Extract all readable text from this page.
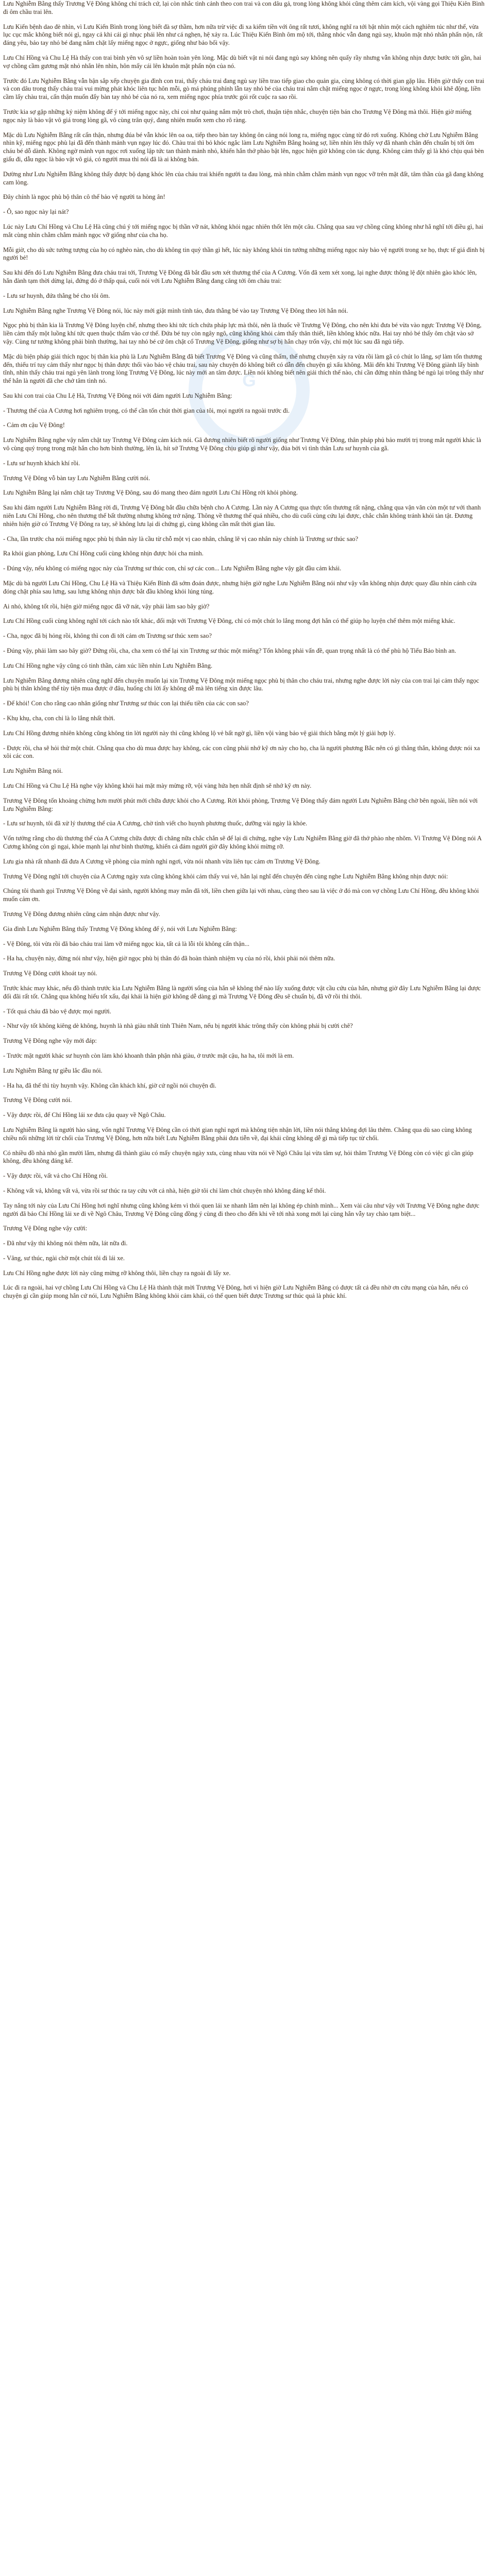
G

Lưu Nghiễm Bằng thấy Trương Vệ Đông không chỉ trách cứ, lại còn nhắc tình cảnh theo con trai và con dâu gả, trong lòng không khỏi cũng thêm cảm kích, vội vàng gọi Thiệu Kiên Bình đi ôm chầu trai lên.

Lưu Kiến bệnh dao đè nhìn, vì Lưu Kiến Bình trong lòng biết đà sợ thầm, hơn nữa trừ việc đi xa kiếm tiền với ông rất tươi, không nghĩ ra tới bật nhìn một cách nghiêm túc như thế, vừa lục cục mắc không biết nói gì, ngay cả khi cái gì nhục phái lên như cá nghẹn, hệ xảy ra. Lúc Thiệu Kiến Bình ôm mộ tới, thằng nhóc vẫn đang ngủ say, khuôn mặt nhỏ nhắn phấn nộn, rất đáng yêu, bảo tay nhỏ bé đang nắm chặt lấy miếng ngọc ở ngực, giống như bảo bối vậy.

Lưu Chí Hồng và Chu Lệ Hà thấy con trai bình yên vô sự liền hoàn toàn yên lòng. Mặc dù biết vật ni nói đang ngủ say không nên quấy rầy nhưng vẫn không nhịn được bước tới gần, hai vợ chồng cầm gương mặt nhỏ nhắn lên nhìn, hôn mấy cái lên khuôn mặt phấn nộn của nó.

Trước đó Lưu Nghiễm Bằng vẫn bận sắp xếp chuyện gia đình con trai, thấy cháu trai đang ngủ say liền trao tiếp giao cho quản gia, cùng không có thời gian gặp lâu. Hiện giờ thấy con trai và con dâu trong thấy cháu trai vui mừng phát khóc liên tục hôn mỗi, gò má phúng phính lẫn tay nhỏ bé của cháu trai nắm chặt miếng ngọc ở ngực, trong lòng không khỏi khẽ động, liền cầm lấy chàu trai, cẩn thận muốn đẩy bàn tay nhỏ bé của nó ra, xem miếng ngọc phía trước gói rốt cuộc ra sao rồi.

Trước kia sợ gặp những kỷ niệm không để ý tới miếng ngọc này, chỉ coi như quảng nắm một trò chơi, thuận tiện nhắc, chuyện tiện bán cho Trương Vệ Đông mà thôi. Hiện giờ miếng ngọc này là bảo vật vô giá trong lòng gã, vô cùng trân quý, đang nhiên muốn xem cho rõ ràng.

Mặc dù Lưu Nghiễm Bằng rất cẩn thận, nhưng đúa bé vẫn khóc lên oa oa, tiếp theo bàn tay không ôn cảng nói long ra, miếng ngọc cùng từ đó rơi xuống. Không chờ Lưu Nghiễm Bằng nhìn kỹ, miếng ngọc phù lại đã đến thành mảnh vụn ngay lúc đó. Chàu trai thì bỏ khóc ngắc làm Lưu Nghiễm Bằng hoảng sợ, liền nhìn lên thấy vợ đã nhanh chân đến chuẩn bị tới ôm cháu bé dỗ dành. Không ngờ mảnh vụn ngọc rơi xuống lập tức tan thành mảnh nhỏ, khiến hắn thở phào bật lên, ngọc hiện giờ không còn tác dụng. Không cảm thấy gì là khó chịu quá bèn giấu đi, dẫu ngọc là bảo vật vô giá, có người mua thì nói đã là ai không bán.

Dường như Lưu Nghiễm Bằng không thấy được bộ dạng khóc lên của cháu trai khiến người ta đau lòng, mà nhìn chằm chằm mảnh vụn ngọc vỡ trên mặt đất, tâm thần của gã đang không cam lòng.

Đây chính là ngọc phù bộ thân cô thể bảo vệ người ta hòng ân!

- Ô, sao ngọc này lại nát?

Lúc này Lưu Chí Hồng và Chu Lệ Hà cũng chú ý tới miếng ngọc bị thần vỡ nát, không khỏi ngạc nhiên thốt lên một câu. Chẳng qua sau vợ chồng cũng không như hẳ nghĩ tới điều gì, hai mắt cùng nhìn chằm chằm mảnh ngọc vỡ giống như của cha họ.

Mỗi giờ, cho dù sức tưởng tượng của họ có nghèo nàn, cho dù không tin quỷ thần gì hết, lúc này không khỏi tin tưởng những miếng ngọc này bảo vệ người trong xe họ, thực tế giá đình bị người bẻ!

Sau khi đến đó Lưu Nghiễm Bằng đưa cháu trai tới, Trương Vệ Đông đã bắt đầu sơn xét thương thế của A Cương. Vốn đã xem xét xong, lại nghe được thông lệ đột nhiên gào khóc lên, hắn đành tạm thời dừng lại, đứng đó ở thấp quá, cuối nói với Lưu Nghiễm Bằng đang căng tới ôm cháu trai:

- Lưu sư huynh, đứa thằng bé cho tôi ôm.

Lưu Nghiễm Bằng nghe Trương Vệ Đông nói, lúc này mới giật mình tỉnh táo, đưa thằng bé vào tay Trương Vệ Đông theo lời hắn nói.

Ngọc phù bị thân kia là Trương Vệ Đông luyện chế, nhưng theo khi tức tích chứa pháp lực mà thôi, nên là thuốc về Trương Vệ Đông, cho nên khi đưa bé vừa vào ngực Trương Vệ Đông, liền cảm thấy một luồng khí tức quen thuộc thấm vào cơ thể. Đứa bé tuy còn ngây ngô, cũng không khỏi cảm thấy thân thiết, liền không khóc nữa. Hai tay nhỏ bé thấy ôm chặt vào sở vậy. Cùng tư tưởng không phải bình thường, hai tay nhỏ bé cứ ôm chặt cổ Trương Vệ Đông, giống như sợ bị hắn chạy trốn vậy, chỉ một lúc sau đã ngủ tiếp.

Mặc dù biện pháp giải thích ngọc bị thân kia phù là Lưu Nghiễm Bằng đã biết Trương Vệ Đông và cũng thấm, thế nhưng chuyện xảy ra vừa rồi làm gã có chút lo lắng, sợ làm tổn thương đến, thiếu trí tuy cảm thấy như ngọc bị thân được thổi vào bảo vệ cháu trai, sau này chuyện đó không biết có dẫn đến chuyện gì xấu không. Mãi đến khi Trương Vệ Đông giành lấy bình tĩnh, nhìn thấy cháu trai ngủ yên lành trong lòng Trương Vệ Đông, lúc này mới an tâm được. Liền nói không biết nên giải thích thế nào, chỉ cần đứng nhìn thằng bé ngủ lại trông thấy như thể hắn là người đã che chở tâm tình nó.

Sau khi con trai của Chu Lệ Hà, Trương Vệ Đông nói với đám người Lưu Nghiễm Bằng:

- Thương thế của A Cương hơi nghiêm trọng, có thể cần tốn chút thời gian của tôi, mọi người ra ngoài trước đi.

- Cảm ơn cậu Vệ Đông!

Lưu Nghiễm Bằng nghe vậy nắm chặt tay Trương Vệ Đông cảm kích nói. Gã đương nhiên biết rõ người giống như Trương Vệ Đông, thân pháp phủ bảo mười trị trong mắt người khác là vô cùng quý trọng trong mặt hắn cho hơn bình thường, lên là, hít sở Trương Vệ Đông chịu giúp gì như vậy, đủa bởi vì tình thân Lưu sư huynh của gã.

- Lưu sư huynh khách khí rồi.

Trương Vệ Đông vỗ bàn tay Lưu Nghiễm Bằng cười nói.

Lưu Nghiễm Bằng lại nắm chặt tay Trương Vệ Đông, sau đó mang theo đám người Lưu Chí Hồng rời khỏi phòng.

Sau khi đám người Lưu Nghiễm Bằng rời đi, Trương Vệ Đông bắt đầu chữa bệnh cho A Cương. Lần này A Cương qua thực tổn thương rất nặng, chẳng qua vận văn còn một tư với thanh niên Lưu Chí Hồng, cho nên thương thế bất thường nhưng không trở nặng. Thông về thương thế quá nhiều, cho dù cuối cùng cứu lại được, chắc chắn không tránh khỏi tàn tật. Đương nhiên hiện giờ có Trương Vệ Đông ra tay, sẽ không lưu lại di chứng gì, cùng không cần mất thời gian lâu.

- Cha, lần trước cha nói miếng ngọc phù bị thân này là cầu từ chỗ một vị cao nhân, chẳng lẽ vị cao nhân này chính là Trương sư thúc sao?

Ra khỏi gian phòng, Lưu Chí Hồng cuối cùng không nhịn được hỏi cha mình.

- Đúng vậy, nếu không có miếng ngọc này của Trương sư thúc con, chỉ sợ các con... Lưu Nghiễm Bằng nghe vậy gật đầu cảm khái.

Mặc dù bà người Lưu Chí Hồng, Chu Lệ Hà và Thiệu Kiến Bình đã sớm đoán được, nhưng hiện giờ nghe Lưu Nghiễm Bằng nói như vậy vẫn không nhịn được quay đầu nhìn cánh cửa đóng chặt phía sau lưng, sau lưng không nhịn được bắt đầu không khỏi lúng túng.

Ai nhỏ, không tốt rồi, hiện giờ miếng ngọc đã vỡ nát, vậy phải làm sao bây giờ?

Lưu Chí Hồng cuối cùng không nghĩ tới cách nào tốt khác, đối mặt với Trương Vệ Đông, chỉ có một chút lo lắng mong đợi hắn có thể giúp họ luyện chế thêm một miếng khác.

- Cha, ngọc đã bị hỏng rồi, không thì con đi tới cảm ơn Trương sư thúc xem sao?

- Đúng vậy, phải làm sao bây giờ? Đứng rồi, cha, cha xem có thể lại xin Trương sư thúc một miếng? Tốn không phải vấn đề, quan trọng nhất là có thể phù hộ Tiểu Bảo bình an.

Lưu Chí Hồng nghe vậy cũng có tinh thần, cảm xúc liền nhìn Lưu Nghiễm Bằng.

Lưu Nghiễm Bằng đương nhiên cũng nghĩ đến chuyện muốn lại xin Trương Vệ Đông một miếng ngọc phù bị thân cho cháu trai, nhưng nghe được lời này của con trai lại cảm thấy ngọc phù bị thân không thể tùy tiện mua được ở đâu, huống chi lời ấy không dễ mà lên tiếng xin được lâu.

- Để khỏi! Con cho rằng cao nhân giống như Trương sư thúc con lại thiếu tiền của các con sao?

- Khụ khụ, cha, con chỉ là lo lắng nhất thời.

Lưu Chí Hồng đương nhiên không cũng không tin lời người này thì cũng không lộ vẻ bất ngờ gì, liền vội vàng bảo vệ giải thích bằng một lý giải hợp lý.

- Được rồi, cha sẽ hỏi thử một chút. Chẳng qua cho dù mua được hay không, các con cũng phải nhớ kỹ ơn này cho họ, cha là người phương Bắc nên có gì thẳng thắn, không được nói xa xôi các con.

Lưu Nghiễm Bằng nói.

Lưu Chí Hồng và Chu Lệ Hà nghe vậy không khỏi hai mặt mày mừng rỡ, vội vàng hứa hẹn nhất định sẽ nhớ kỹ ơn này.

Trương Vệ Đông tốn khoảng chừng hơn mười phút mới chữa được khỏi cho A Cương. Rời khỏi phòng, Trương Vệ Đông thấy đám người Lưu Nghiễm Bằng chờ bên ngoài, liền nói với Lưu Nghiễm Bằng:

- Lưu sư huynh, tôi đã xử lý thương thế của A Cương, chờ tỉnh viết cho huynh phương thuốc, dưỡng vài ngày là khỏe.

Vốn tưởng rằng cho dù thương thế của A Cương chữa được đi chăng nữa chắc chắn sẽ để lại di chứng, nghe vậy Lưu Nghiễm Bằng giờ đã thở phào nhẹ nhõm. Vì Trương Vệ Đông nói A Cương không còn gì ngại, khỏe mạnh lại như bình thường, khiến cả đám người giờ đây không khỏi mừng rỡ.

Lưu gia nhà rất nhanh đã đưa A Cương về phòng của mình nghỉ ngơi, vừa nói nhanh vừa liên tục cảm ơn Trương Vệ Đông.

Trương Vệ Đông nghĩ tới chuyện của A Cương ngày xưa cũng không khỏi cảm thấy vui vẻ, hắn lại nghĩ đến chuyện đến cùng nghe Lưu Nghiễm Bằng không nhịn được nói:

Chúng tôi thanh gọi Trương Vệ Đông về đại sảnh, người không may mắn đã tới, liền chen giữa lại với nhau, cùng theo sau là việc ở đó mà con vợ chồng Lưu Chí Hồng, đều không khỏi muốn cảm ơn.

Trương Vệ Đông đương nhiên cũng cảm nhận được như vậy.

Gia đình Lưu Nghiễm Bằng thấy Trương Vệ Đông không để ý, nói với Lưu Nghiễm Bằng:

- Vệ Đông, tôi vừa rồi đã bảo cháu trai làm vỡ miếng ngọc kia, tất cả là lỗi tôi không cẩn thận...

- Ha ha, chuyện này, đừng nói như vậy, hiện giờ ngọc phù bị thân đó đã hoàn thành nhiệm vụ của nó rồi, khỏi phải nói thêm nữa.

Trương Vệ Đông cười khoát tay nói.

Trước khác may khác, nếu đồ thành trước kia Lưu Nghiễm Bằng là người sống của hắn sẽ không thể nào lấy xuống được vật cầu cứu của hắn, nhưng giờ đây Lưu Nghiễm Bằng lại được đối đãi rất tốt. Chẳng qua không hiểu tốt xấu, đại khái là hiện giờ không dễ dàng gì mà Trương Vệ Đông đều sẽ chuẩn bị, đã vỡ rồi thì thôi.

- Tốt quá cháu đã bảo vệ được mọi người.

- Như vậy tốt không kiêng dè không, huynh là nhà giàu nhất tỉnh Thiên Nam, nếu bị người khác trông thấy còn không phải bị cười chê?

Trương Vệ Đông nghe vậy mới đáp:

- Trước mặt người khác sư huynh còn làm khó khoanh thân phận nhà giàu, ở trước mặt cậu, ha ha, tôi mới là em.

Lưu Nghiễm Bằng tự giễu lắc đầu nói.

- Ha ha, đã thế thì tùy huynh vậy. Không cần khách khí, giờ cứ ngồi nói chuyện đi.

Trương Vệ Đông cười nói.

- Vậy được rồi, để Chí Hồng lái xe đưa cậu quay về Ngô Châu.

Lưu Nghiễm Bằng là người hào sảng, vốn nghĩ Trương Vệ Đông cần có thời gian nghỉ ngơi mà không tiện nhận lời, liền nói thẳng không đợi lâu thêm. Chẳng qua dù sao cùng không chiều nổi những lời từ chối của Trương Vệ Đông, hơn nữa biết Lưu Nghiễm Bằng phải đưa tiễn về, đại khái cũng không dễ gì mà tiếp tục từ chối.

Có nhiều đồ nhà nhỏ gần mười lắm, nhưng đã thành giàu có mấy chuyện ngày xưa, cùng nhau vừa nói về Ngô Châu lại vừa tâm sự, hỏi thăm Trương Vệ Đông còn có việc gì cần giúp không, đều không đáng kể.

- Vậy được rồi, vất vả cho Chí Hồng rồi.

- Không vất vả, không vất vả, vừa rồi sư thúc ra tay cứu vớt cả nhà, hiện giờ tôi chỉ làm chút chuyện nhỏ không đáng kể thôi.

Tay nắng tới này của Lưu Chí Hồng hơi nghĩ nhưng cũng không kém vì thói quen lái xe nhanh lắm nên lại không ép chính mình... Xem vài câu như vậy với Trương Vệ Đông nghe được người đã bảo Chí Hồng lái xe đi về Ngô Châu, Trương Vệ Đông cũng đồng ý cùng đi theo cho đến khi về tới nhà xong mới lại cùng hắn vẫy tay chào tạm biệt...

Trương Vệ Đông nghe vậy cười:

- Đã như vậy thì không nói thêm nữa, lát nữa đi.

- Vâng, sư thúc, ngài chờ một chút tôi đi lái xe.

Lưu Chí Hồng nghe được lời này cũng mừng rỡ không thôi, liền chạy ra ngoài đi lấy xe.

Lúc đi ra ngoài, hai vợ chồng Lưu Chí Hồng và Chu Lệ Hà thành thật mời Trương Vệ Đông, hơi vì hiện giờ Lưu Nghiễm Bằng có được tất cả đều nhờ ơn cứu mạng của hắn, nếu có chuyện gì cần giúp mong hắn cứ nói, Lưu Nghiễm Bằng không khỏi cảm khái, có thể quen biết được Trương sư thúc quả là phúc khí.
